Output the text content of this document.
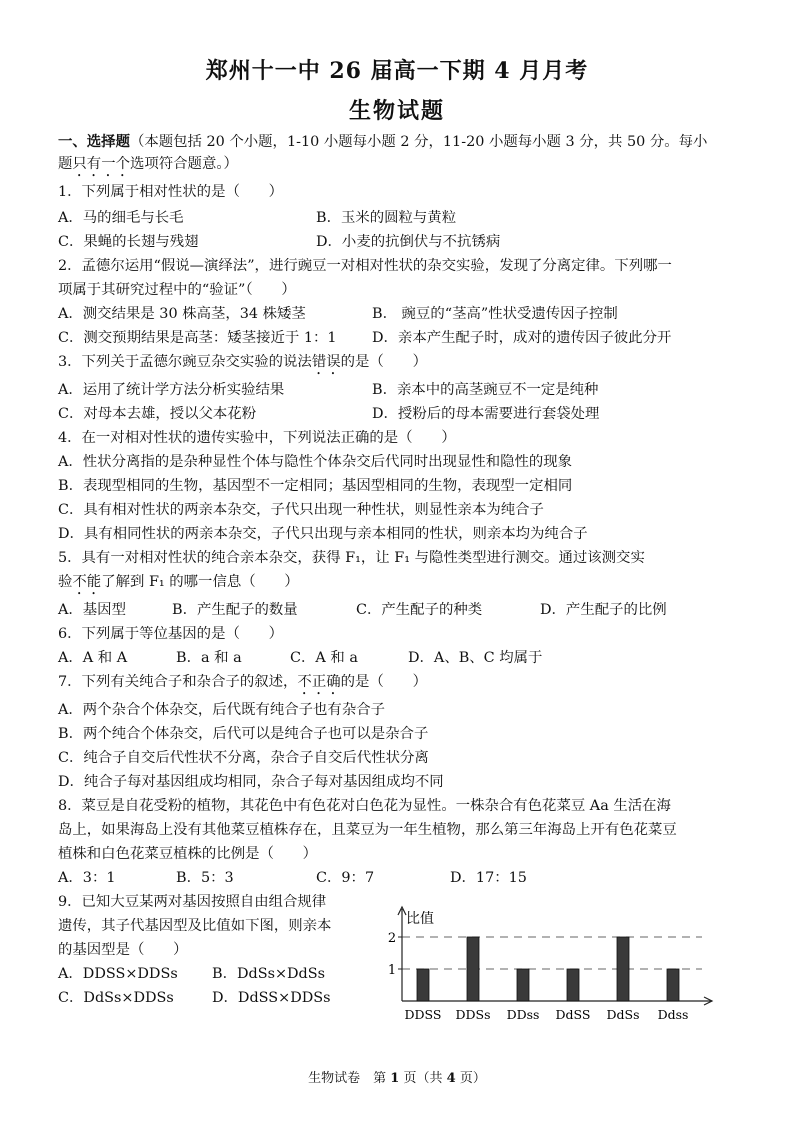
郑州十一中 26 届高一下期 4 月月考
生物试题
一、选择题（本题包括 20 个小题，1-10 小题每小题 2 分，11-20 小题每小题 3 分，共 50 分。每小
题只有一个选项符合题意。）
1．下列属于相对性状的是（　　）
A．马的细毛与长毛	B．玉米的圆粒与黄粒
C．果蝇的长翅与残翅	D．小麦的抗倒伏与不抗锈病
2．孟德尔运用“假说—演绎法”，进行豌豆一对相对性状的杂交实验，发现了分离定律。下列哪一
项属于其研究过程中的“验证”（　　）
A．测交结果是 30 株高茎，34 株矮茎	B． 豌豆的“茎高”性状受遗传因子控制
C．测交预期结果是高茎：矮茎接近于 1：1 D．亲本产生配子时，成对的遗传因子彼此分开
3．下列关于孟德尔豌豆杂交实验的说法错误的是（　　）
A．运用了统计学方法分析实验结果	B．亲本中的高茎豌豆不一定是纯种
C．对母本去雄，授以父本花粉	D．授粉后的母本需要进行套袋处理
4．在一对相对性状的遗传实验中，下列说法正确的是（　　）
A．性状分离指的是杂种显性个体与隐性个体杂交后代同时出现显性和隐性的现象
B．表现型相同的生物，基因型不一定相同；基因型相同的生物，表现型一定相同
C．具有相对性状的两亲本杂交，子代只出现一种性状，则显性亲本为纯合子
D．具有相同性状的两亲本杂交，子代只出现与亲本相同的性状，则亲本均为纯合子
5．具有一对相对性状的纯合亲本杂交，获得 F₁，让 F₁ 与隐性类型进行测交。通过该测交实
验不能了解到 F₁ 的哪一信息（　　）
A．基因型	B．产生配子的数量	C．产生配子的种类	D．产生配子的比例
6．下列属于等位基因的是（　　）
A．A 和 A	B．a 和 a	C．A 和 a	D．A、B、C 均属于
7．下列有关纯合子和杂合子的叙述，不正确的是（　　）
A．两个杂合个体杂交，后代既有纯合子也有杂合子
B．两个纯合个体杂交，后代可以是纯合子也可以是杂合子
C．纯合子自交后代性状不分离，杂合子自交后代性状分离
D．纯合子每对基因组成均相同，杂合子每对基因组成均不同
8．菜豆是自花受粉的植物，其花色中有色花对白色花为显性。一株杂合有色花菜豆 Aa 生活在海
岛上，如果海岛上没有其他菜豆植株存在，且菜豆为一年生植物，那么第三年海岛上开有色花菜豆
植株和白色花菜豆植株的比例是（　　）
A．3：1	B．5：3	C．9：7	D．17：15
9．已知大豆某两对基因按照自由组合规律
遗传，其子代基因型及比值如下图，则亲本
的基因型是（　　）
A．DDSS×DDSs B．DdSs×DdSs
C．DdSs×DDSs	D．DdSS×DDSs
1
2
比值
DDSS DDSs DDss DdSS DdSs Ddss
生物试卷　第 1 页（共 4 页）
